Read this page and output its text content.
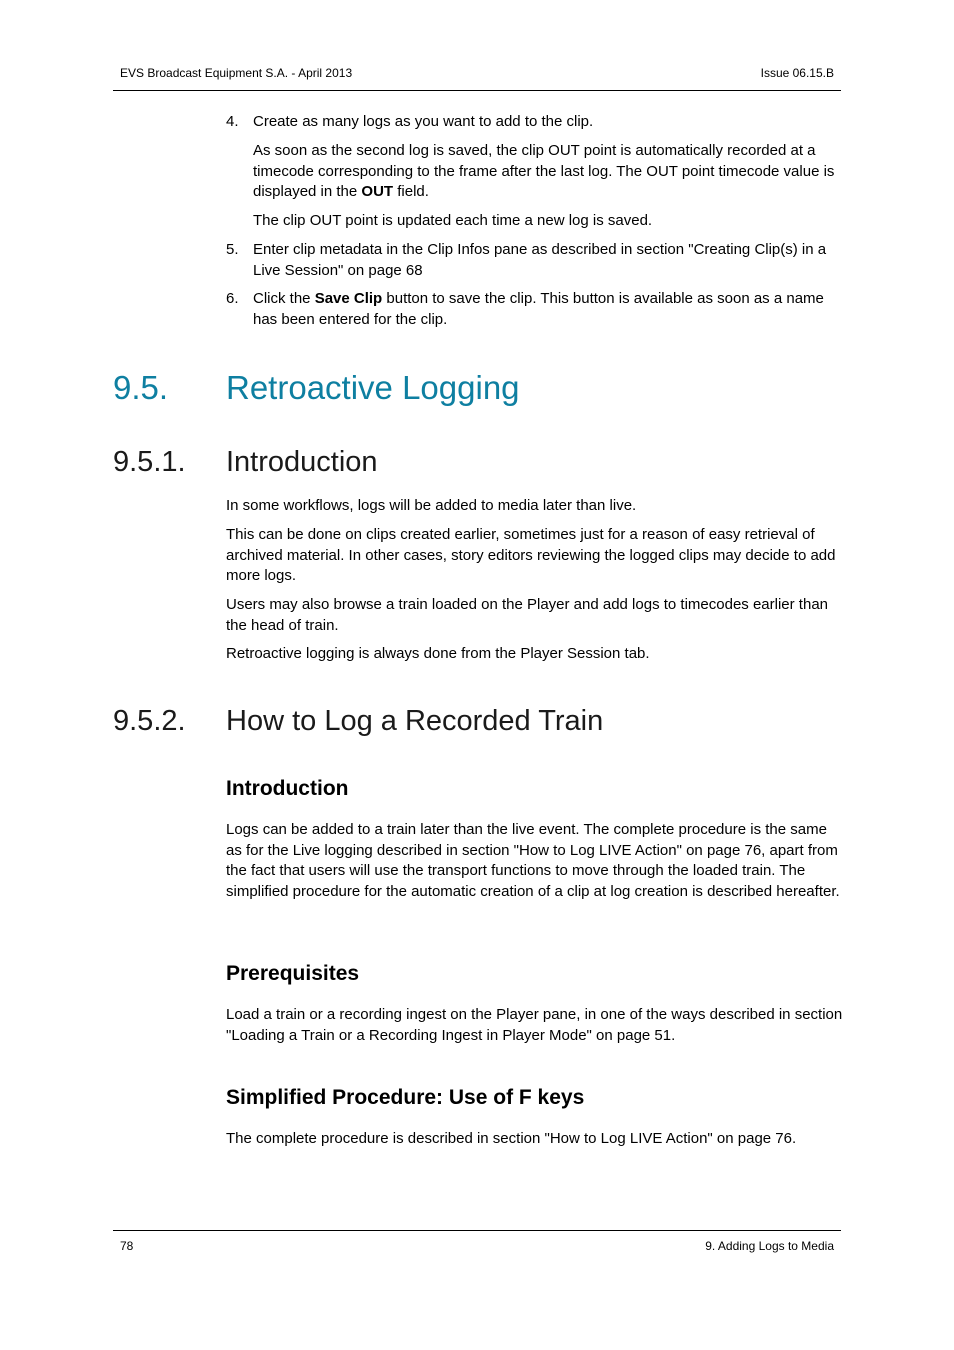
EVS Broadcast Equipment S.A. - April 2013	Issue 06.15.B
4. Create as many logs as you want to add to the clip.
As soon as the second log is saved, the clip OUT point is automatically recorded at a timecode corresponding to the frame after the last log. The OUT point timecode value is displayed in the OUT field.
The clip OUT point is updated each time a new log is saved.
5. Enter clip metadata in the Clip Infos pane as described in section "Creating Clip(s) in a Live Session" on page 68
6. Click the Save Clip button to save the clip. This button is available as soon as a name has been entered for the clip.
9.5. Retroactive Logging
9.5.1. Introduction
In some workflows, logs will be added to media later than live.
This can be done on clips created earlier, sometimes just for a reason of easy retrieval of archived material. In other cases, story editors reviewing the logged clips may decide to add more logs.
Users may also browse a train loaded on the Player and add logs to timecodes earlier than the head of train.
Retroactive logging is always done from the Player Session tab.
9.5.2. How to Log a Recorded Train
Introduction
Logs can be added to a train later than the live event. The complete procedure is the same as for the Live logging described in section "How to Log LIVE Action" on page 76, apart from the fact that users will use the transport functions to move through the loaded train. The simplified procedure for the automatic creation of a clip at log creation is described hereafter.
Prerequisites
Load a train or a recording ingest on the Player pane, in one of the ways described in section "Loading a Train or a Recording Ingest in Player Mode" on page 51.
Simplified Procedure: Use of F keys
The complete procedure is described in section "How to Log LIVE Action" on page 76.
78	9. Adding Logs to Media
